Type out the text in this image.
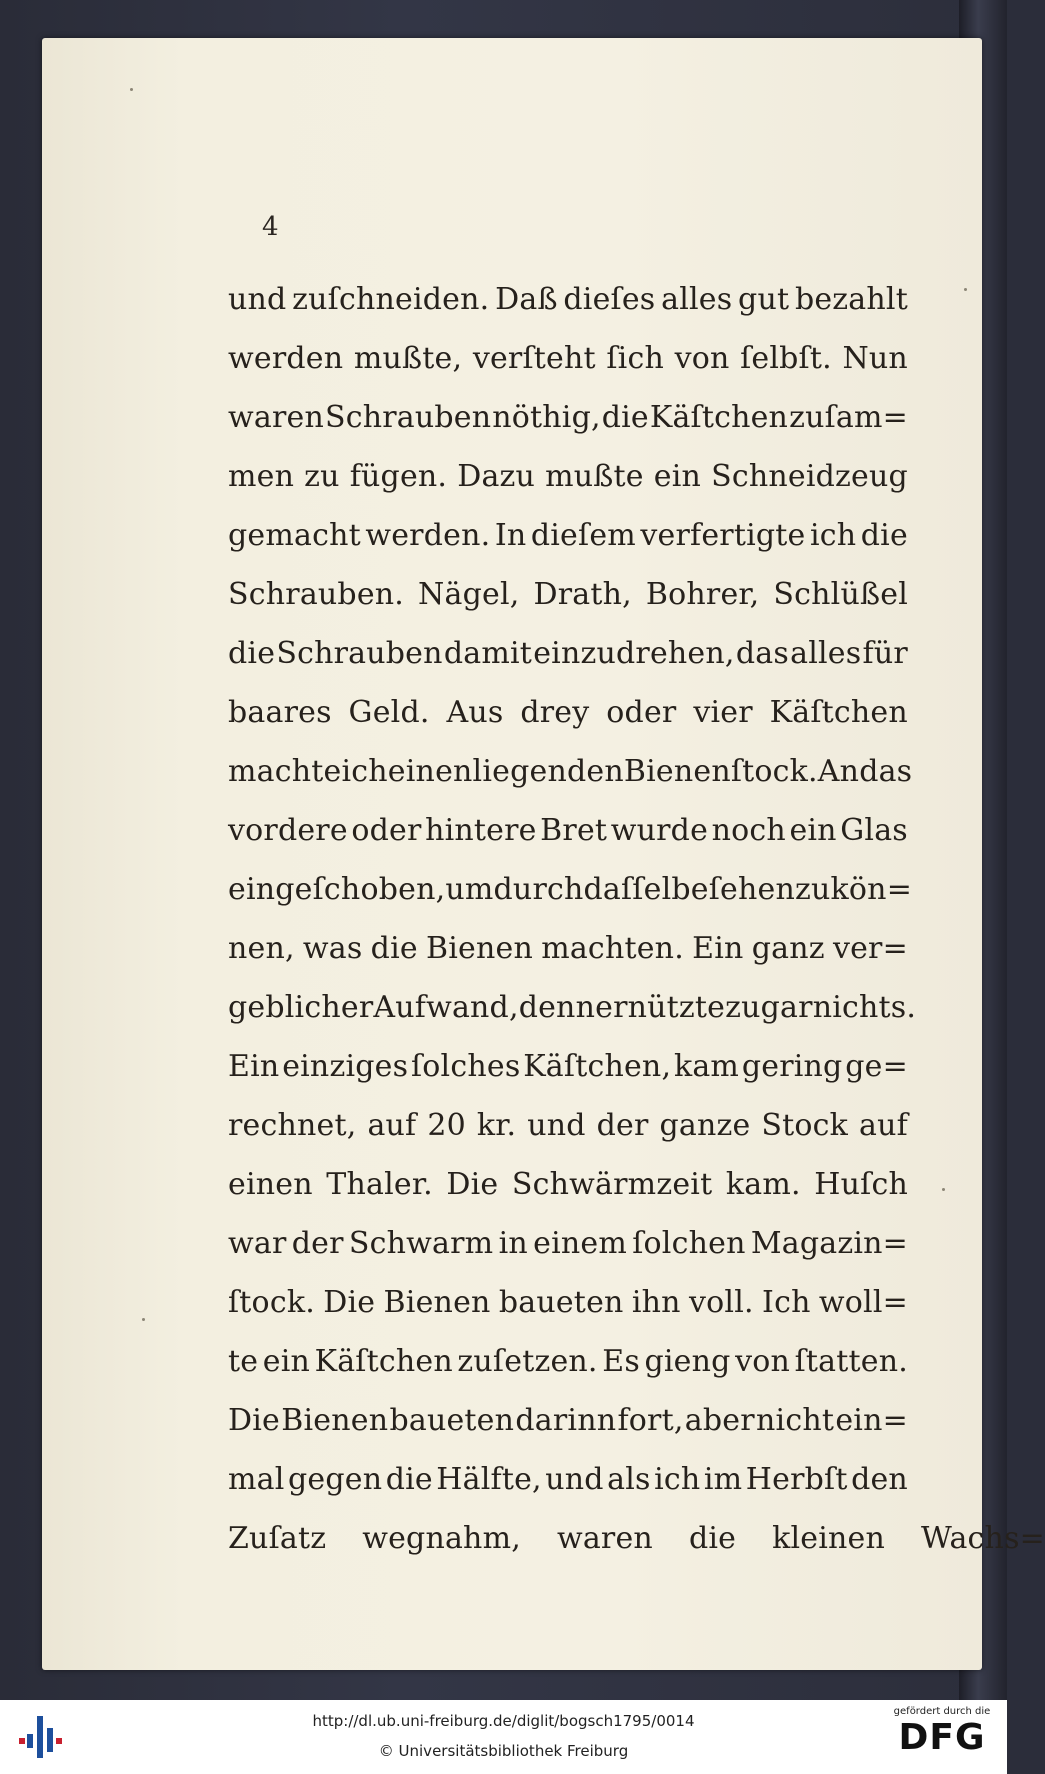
4
und zuſchneiden. Daß dieſes alles gut bezahlt
werden mußte, verſteht ſich von ſelbſt. Nun
waren Schrauben nöthig, die Käſtchen zuſam=
men zu fügen. Dazu mußte ein Schneidzeug
gemacht werden. In dieſem verfertigte ich die
Schrauben. Nägel, Drath, Bohrer, Schlüßel
die Schrauben damit einzudrehen, das alles für
baares Geld. Aus drey oder vier Käſtchen
machte ich einen liegenden Bienenſtock. An das
vordere oder hintere Bret wurde noch ein Glas
eingeſchoben, um durch daſſelbe ſehen zu kön=
nen, was die Bienen machten. Ein ganz ver=
geblicher Aufwand, denn er nützte zu gar nichts.
Ein einziges ſolches Käſtchen, kam gering ge=
rechnet, auf 20 kr. und der ganze Stock auf
einen Thaler. Die Schwärmzeit kam. Huſch
war der Schwarm in einem ſolchen Magazin=
ſtock. Die Bienen baueten ihn voll. Ich woll=
te ein Käſtchen zuſetzen. Es gieng von ſtatten.
Die Bienen baueten darinn fort, aber nicht ein=
mal gegen die Hälfte, und als ich im Herbſt den
Zuſatz wegnahm, waren die kleinen Wachs=
http://dl.ub.uni-freiburg.de/diglit/bogsch1795/0014
© Universitätsbibliothek Freiburg
gefördert durch die
DFG
